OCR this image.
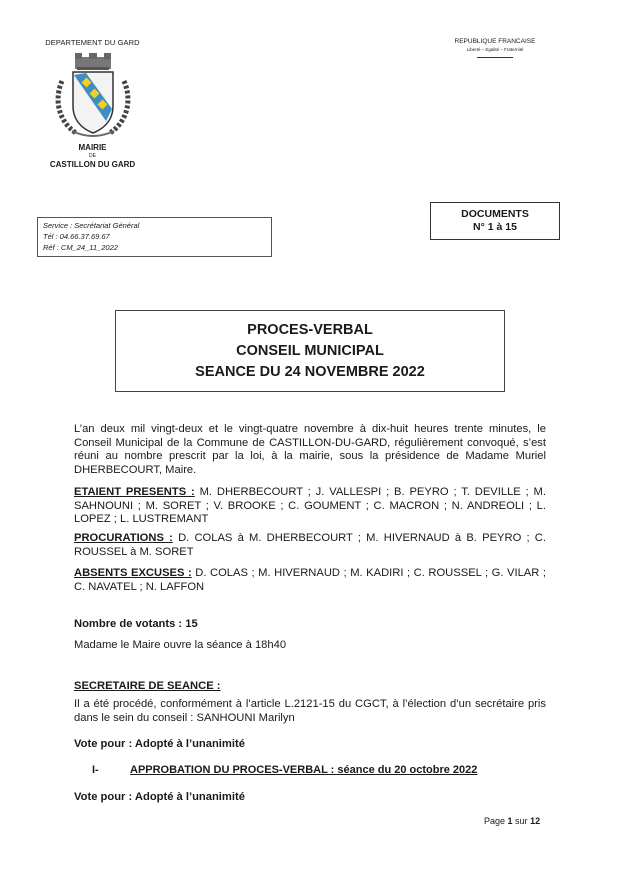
DEPARTEMENT DU GARD
MAIRIE
DE
CASTILLON DU GARD
REPUBLIQUE FRANCAISE
Liberté – Egalité – Fraternité
Service : Secrétariat Général
Tél : 04.66.37.69.67
Réf : CM_24_11_2022
DOCUMENTS
N° 1 à 15
PROCES-VERBAL
CONSEIL MUNICIPAL
SEANCE DU 24 NOVEMBRE 2022
L’an deux mil vingt-deux et le vingt-quatre novembre à dix-huit heures trente minutes, le Conseil Municipal de la Commune de CASTILLON-DU-GARD, régulièrement convoqué, s’est réuni au nombre prescrit par la loi, à la mairie, sous la présidence de Madame Muriel DHERBECOURT, Maire.
ETAIENT PRESENTS : M. DHERBECOURT ; J. VALLESPI ; B. PEYRO ; T. DEVILLE ; M. SAHNOUNI ; M. SORET ; V. BROOKE ; C. GOUMENT ; C. MACRON ; N. ANDREOLI ; L. LOPEZ ; L. LUSTREMANT
PROCURATIONS : D. COLAS à M. DHERBECOURT ; M. HIVERNAUD à B. PEYRO ; C. ROUSSEL à M. SORET
ABSENTS EXCUSES : D. COLAS ; M. HIVERNAUD ; M. KADIRI ; C. ROUSSEL ; G. VILAR ; C. NAVATEL ; N. LAFFON
Nombre de votants : 15
Madame le Maire ouvre la séance à 18h40
SECRETAIRE DE SEANCE :
Il a été procédé, conformément à l’article L.2121-15 du CGCT, à l’élection d’un secrétaire pris dans le sein du conseil : SANHOUNI Marilyn
Vote pour : Adopté à l’unanimité
I-	APPROBATION DU PROCES-VERBAL : séance du 20 octobre 2022
Vote pour : Adopté à l’unanimité
Page 1 sur 12
